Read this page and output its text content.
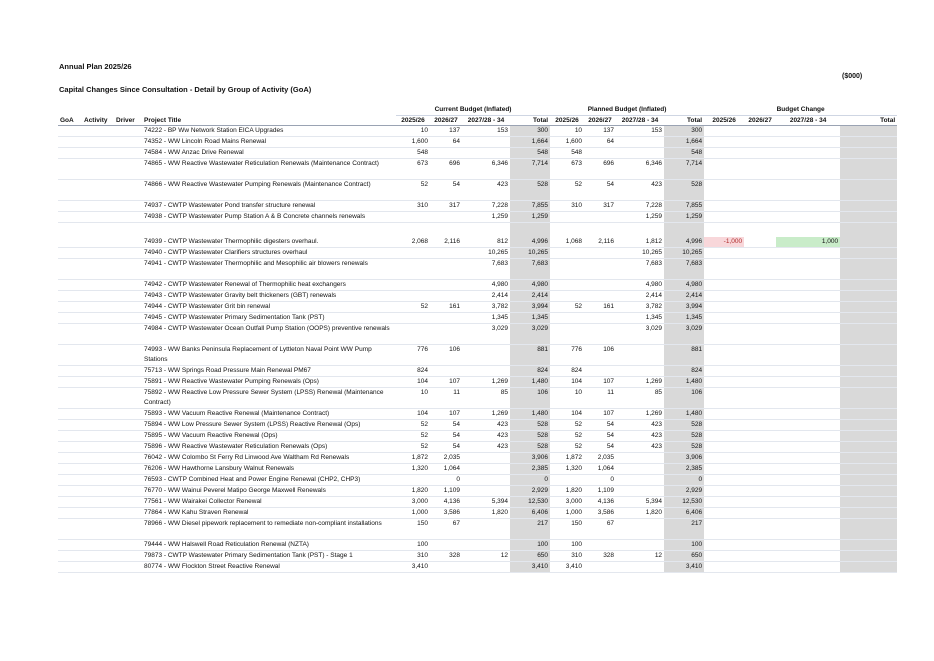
Annual Plan 2025/26
($000)
Capital Changes Since Consultation - Detail by Group of Activity (GoA)
				Current Budget (Inflated)				Planned Budget (Inflated)				Budget Change			
GoA	Activity	Driver	Project Title	2025/26	2026/27	2027/28 - 34	Total	2025/26	2026/27	2027/28 - 34	Total	2025/26	2026/27	2027/28 - 34	Total
			74222 - BP Ww Network Station EICA Upgrades	10	137	153	300	10	137	153	300				
			74352 - WW Lincoln Road Mains Renewal	1,600	64		1,664	1,600	64		1,664				
			74584 - WW Anzac Drive Renewal	548			548	548			548				
			74865 - WW Reactive Wastewater Reticulation Renewals (Maintenance Contract)	673	696	6,346	7,714	673	696	6,346	7,714				
			74866 - WW Reactive Wastewater Pumping Renewals (Maintenance Contract)	52	54	423	528	52	54	423	528				
			74937 - CWTP Wastewater Pond transfer structure renewal	310	317	7,228	7,855	310	317	7,228	7,855				
			74938 - CWTP Wastewater Pump Station A & B Concrete channels renewals			1,259	1,259			1,259	1,259				

			74939 - CWTP Wastewater Thermophilic digesters overhaul.	2,068	2,116	812	4,996	1,068	2,116	1,812	4,996	-1,000		1,000	
			74940 - CWTP Wastewater Clarifiers structures overhaul			10,265	10,265			10,265	10,265				
			74941 - CWTP Wastewater Thermophilic and Mesophilic air blowers renewals			7,683	7,683			7,683	7,683				
			74942 - CWTP Wastewater Renewal of Thermophilic heat exchangers			4,980	4,980			4,980	4,980				
			74943 - CWTP Wastewater Gravity belt thickeners (GBT) renewals			2,414	2,414			2,414	2,414				
			74944 - CWTP Wastewater Grit bin renewal	52	161	3,782	3,994	52	161	3,782	3,994				
			74945 - CWTP Wastewater Primary Sedimentation Tank (PST)			1,345	1,345			1,345	1,345				
			74984 - CWTP Wastewater Ocean Outfall Pump Station (OOPS) preventive renewals			3,029	3,029			3,029	3,029				
			74993 - WW Banks Peninsula Replacement of Lyttleton Naval Point WW Pump Stations	776	106		881	776	106		881				
			75713 - WW Springs Road Pressure Main Renewal PM67	824			824	824			824				
			75891 - WW Reactive Wastewater Pumping Renewals (Ops)	104	107	1,269	1,480	104	107	1,269	1,480				
			75892 - WW Reactive Low Pressure Sewer System (LPSS) Renewal (Maintenance Contract)	10	11	85	106	10	11	85	106				
			75893 - WW Vacuum Reactive Renewal (Maintenance Contract)	104	107	1,269	1,480	104	107	1,269	1,480				
			75894 - WW Low Pressure Sewer System (LPSS) Reactive Renewal (Ops)	52	54	423	528	52	54	423	528				
			75895 - WW Vacuum Reactive Renewal (Ops)	52	54	423	528	52	54	423	528				
			75896 - WW Reactive Wastewater Reticulation Renewals (Ops)	52	54	423	528	52	54	423	528				
			76042 - WW Colombo St Ferry Rd Linwood Ave Waltham Rd Renewals	1,872	2,035		3,906	1,872	2,035		3,906				
			76206 - WW Hawthorne Lansbury Walnut Renewals	1,320	1,064		2,385	1,320	1,064		2,385				
			76593 - CWTP Combined Heat and Power Engine Renewal (CHP2, CHP3)		0		0		0		0				
			76770 - WW Wainui Peverel Matipo George Maxwell Renewals	1,820	1,109		2,929	1,820	1,109		2,929				
			77561 - WW Wairakei Collector Renewal	3,000	4,136	5,394	12,530	3,000	4,136	5,394	12,530				
			77864 - WW Kahu Straven Renewal	1,000	3,586	1,820	6,406	1,000	3,586	1,820	6,406				
			78966 - WW Diesel pipework replacement to remediate non-compliant installations	150	67		217	150	67		217				
			79444 - WW Halswell Road Reticulation Renewal (NZTA)	100			100	100			100				
			79873 - CWTP Wastewater Primary Sedimentation Tank (PST) - Stage 1	310	328	12	650	310	328	12	650				
			80774 - WW Flockton Street Reactive Renewal	3,410			3,410	3,410			3,410				
